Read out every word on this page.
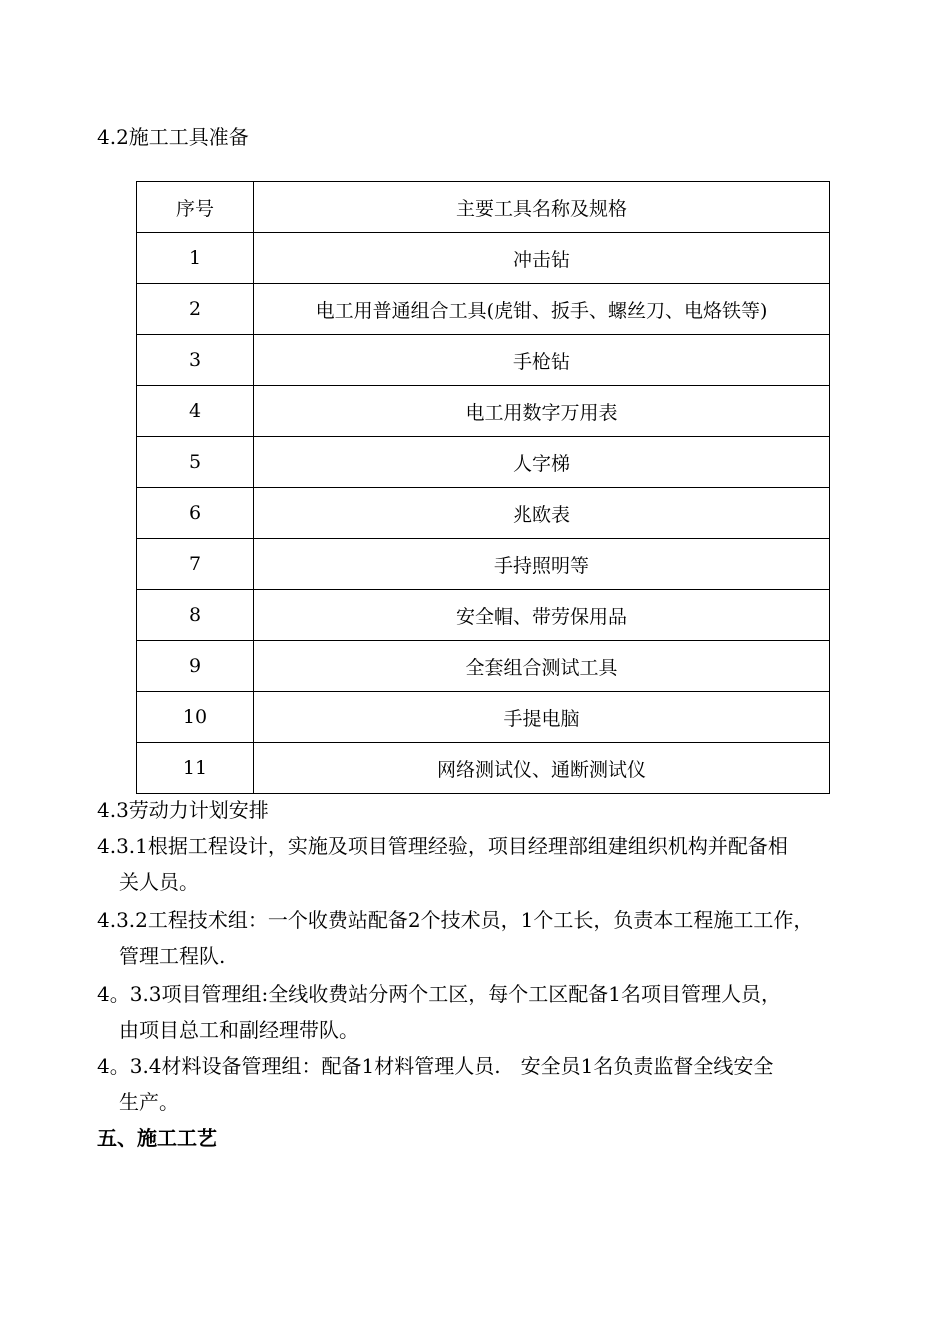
4.2施工工具准备
序号	主要工具名称及规格
1	冲击钻
2	电工用普通组合工具(虎钳、扳手、螺丝刀、电烙铁等)
3	手枪钻
4	电工用数字万用表
5	人字梯
6	兆欧表
7	手持照明等
8	安全帽、带劳保用品
9	全套组合测试工具
10	手提电脑
11	网络测试仪、通断测试仪
4.3劳动力计划安排
4.3.1根据工程设计，实施及项目管理经验，项目经理部组建组织机构并配备相
关人员。
4.3.2工程技术组：一个收费站配备2个技术员，1个工长，负责本工程施工工作，
管理工程队.
4。3.3项目管理组:全线收费站分两个工区，每个工区配备1名项目管理人员，
由项目总工和副经理带队。
4。3.4材料设备管理组：配备1材料管理人员.　安全员1名负责监督全线安全
生产。
五、施工工艺
